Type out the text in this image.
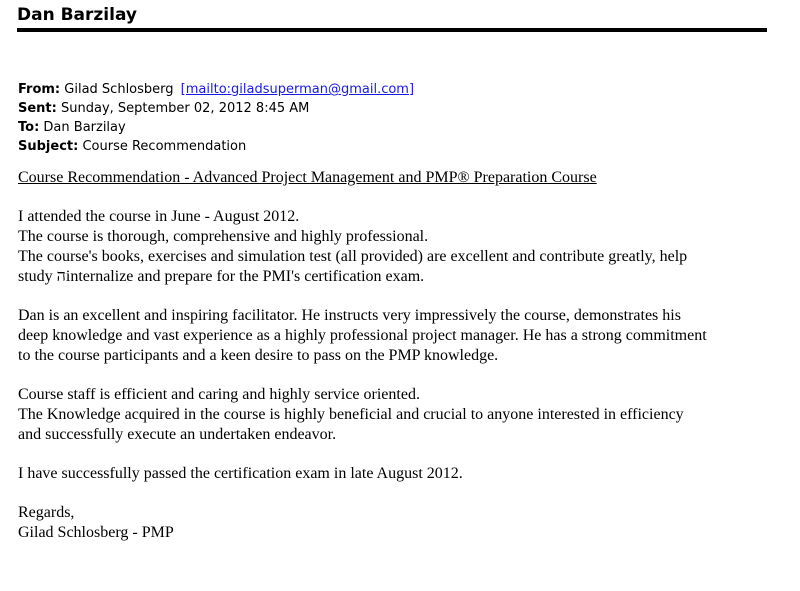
Dan Barzilay
From: Gilad Schlosberg [mailto:giladsuperman@gmail.com]
Sent: Sunday, September 02, 2012 8:45 AM
To: Dan Barzilay
Subject: Course Recommendation

Course Recommendation - Advanced Project Management and PMP® Preparation Course

I attended the course in June - August 2012.
The course is thorough, comprehensive and highly professional.
The course's books, exercises and simulation test (all provided) are excellent and contribute greatly, help
study הinternalize and prepare for the PMI's certification exam.

Dan is an excellent and inspiring facilitator. He instructs very impressively the course, demonstrates his
deep knowledge and vast experience as a highly professional project manager. He has a strong commitment
to the course participants and a keen desire to pass on the PMP knowledge.

Course staff is efficient and caring and highly service oriented.
The Knowledge acquired in the course is highly beneficial and crucial to anyone interested in efficiency
and successfully execute an undertaken endeavor.

I have successfully passed the certification exam in late August 2012.

Regards,
Gilad Schlosberg - PMP
